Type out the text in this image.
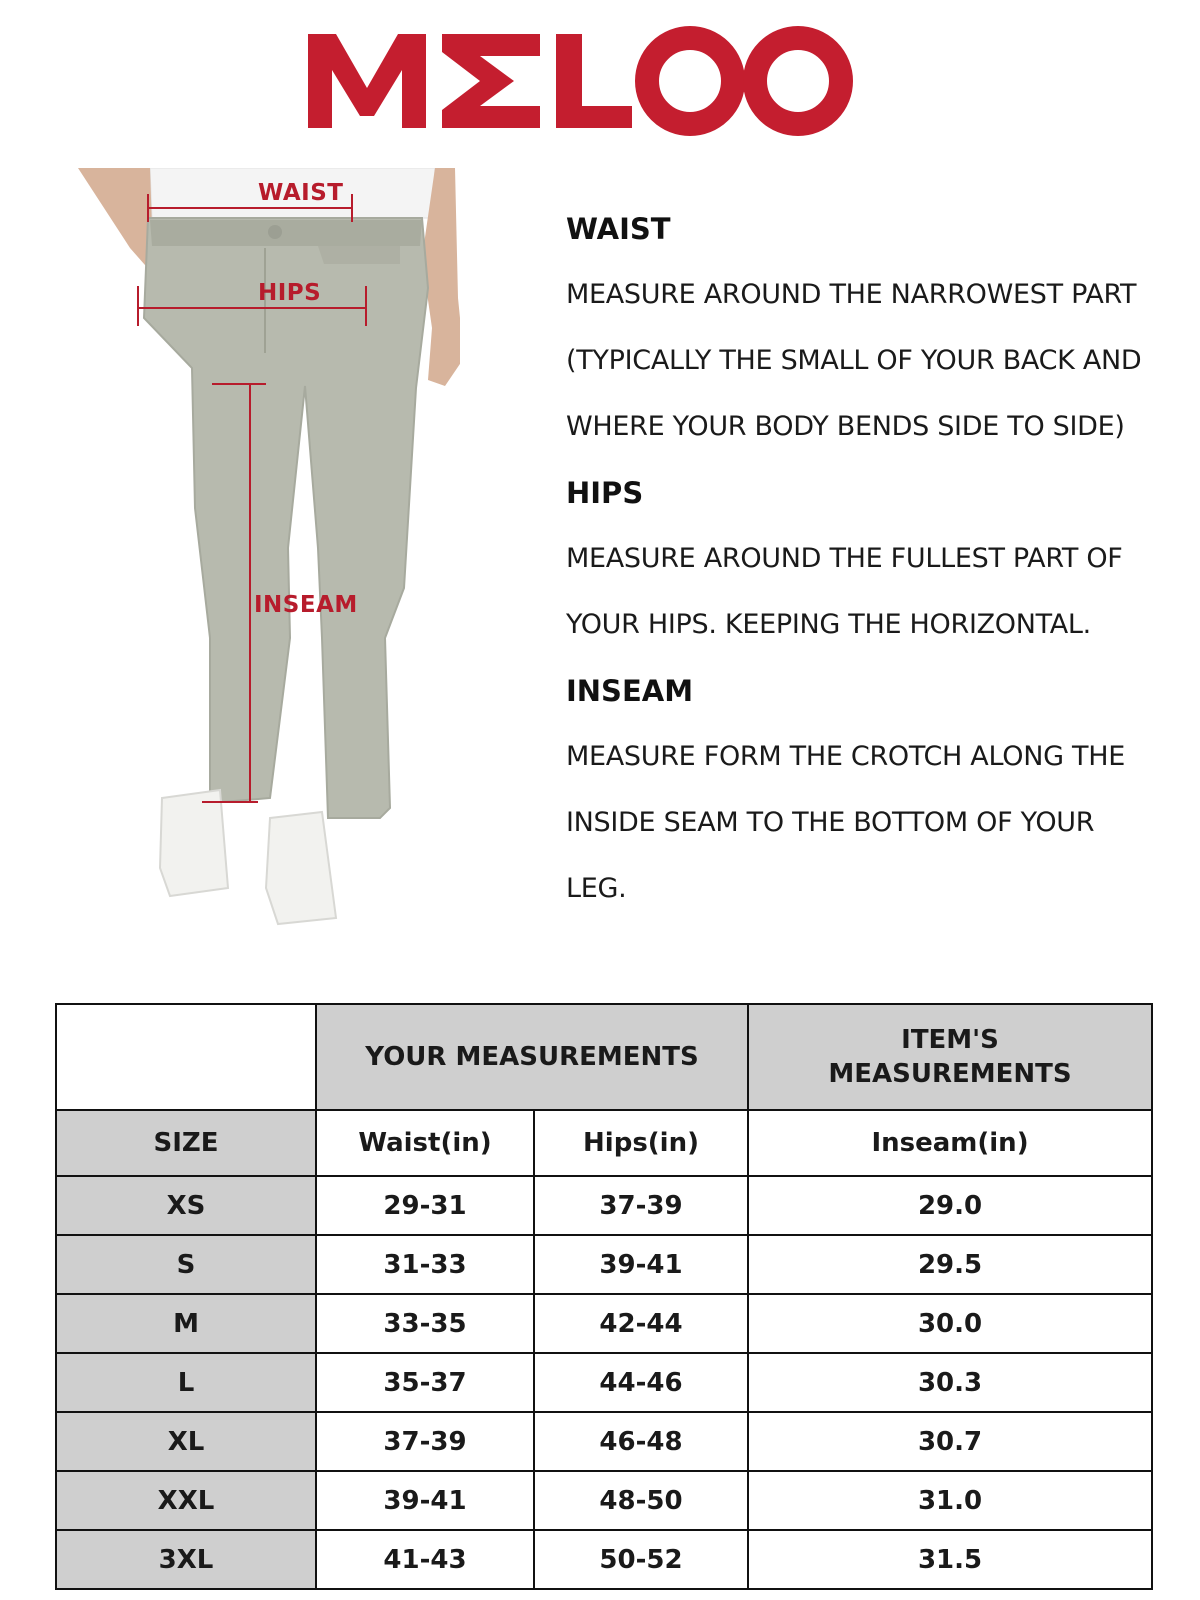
WAIST
HIPS
INSEAM
WAIST
MEASURE AROUND THE NARROWEST PART
(TYPICALLY THE SMALL OF YOUR BACK AND
WHERE YOUR BODY BENDS SIDE TO SIDE)
HIPS
MEASURE AROUND THE FULLEST PART OF
YOUR HIPS. KEEPING THE HORIZONTAL.
INSEAM
MEASURE FORM THE CROTCH ALONG THE
INSIDE SEAM TO THE BOTTOM OF YOUR
LEG.
	YOUR MEASUREMENTS		ITEM'S
MEASUREMENTS
SIZE	Waist(in)	Hips(in)	Inseam(in)
XS	29-31	37-39	29.0
S	31-33	39-41	29.5
M	33-35	42-44	30.0
L	35-37	44-46	30.3
XL	37-39	46-48	30.7
XXL	39-41	48-50	31.0
3XL	41-43	50-52	31.5
